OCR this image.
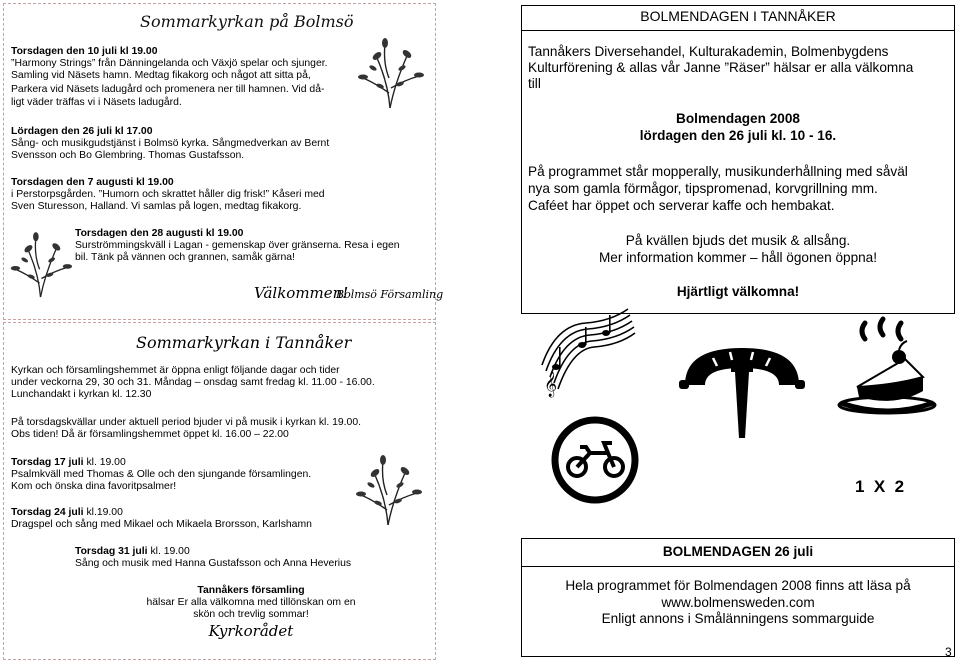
Sommarkyrkan på Bolmsö
Torsdagen den 10 juli kl 19.00
”Harmony Strings” från Dänningelanda och Växjö spelar och sjunger.
Samling vid Näsets hamn. Medtag fikakorg och något att sitta på,
Parkera vid Näsets ladugård och promenera ner till hamnen. Vid då-
ligt väder träffas vi i Näsets ladugård.
Lördagen den 26 juli kl 17.00
Sång- och musikgudstjänst i Bolmsö kyrka. Sångmedverkan av Bernt
Svensson och Bo Glembring. Thomas Gustafsson.
Torsdagen den 7 augusti kl 19.00
i Perstorpsgården. ”Humorn och skrattet håller dig frisk!” Kåseri med
Sven Sturesson, Halland. Vi samlas på logen, medtag fikakorg.
Torsdagen den 28 augusti kl 19.00
Surströmmingskväll i Lagan - gemenskap över gränserna. Resa i egen
bil. Tänk på vännen och grannen, samåk gärna!
Välkommen!
Bolmsö Församling
Sommarkyrkan i Tannåker
Kyrkan och församlingshemmet är öppna enligt följande dagar och tider
under veckorna 29, 30 och 31. Måndag – onsdag samt fredag kl. 11.00 - 16.00.
Lunchandakt i kyrkan kl. 12.30
På torsdagskvällar under aktuell period bjuder vi på musik i kyrkan kl. 19.00.
Obs tiden! Då är församlingshemmet öppet kl. 16.00 – 22.00
Torsdag 17 juli kl. 19.00
Psalmkväll med Thomas & Olle och den sjungande församlingen.
Kom och önska dina favoritpsalmer!
Torsdag 24 juli kl.19.00
Dragspel och sång med Mikael och Mikaela Brorsson, Karlshamn
Torsdag 31 juli kl. 19.00
Sång och musik med Hanna Gustafsson och Anna Heverius
Tannåkers församling
hälsar Er alla välkomna med tillönskan om en
skön och trevlig sommar!
Kyrkorådet
BOLMENDAGEN I TANNÅKER
Tannåkers Diversehandel, Kulturakademin, Bolmenbygdens
Kulturförening & allas vår Janne ”Räser” hälsar er alla välkomna
till
Bolmendagen 2008
lördagen den 26 juli kl. 10 - 16.
På programmet står mopperally, musikunderhållning med såväl
nya som gamla förmågor, tipspromenad, korvgrillning mm.
Caféet har öppet och serverar kaffe och hembakat.
På kvällen bjuds det musik & allsång.
Mer information kommer – håll ögonen öppna!
Hjärtligt välkomna!
𝄞
1  X  2
BOLMENDAGEN 26 juli
Hela programmet för Bolmendagen 2008 finns att läsa på
www.bolmensweden.com
Enligt annons i Smålänningens sommarguide
3
